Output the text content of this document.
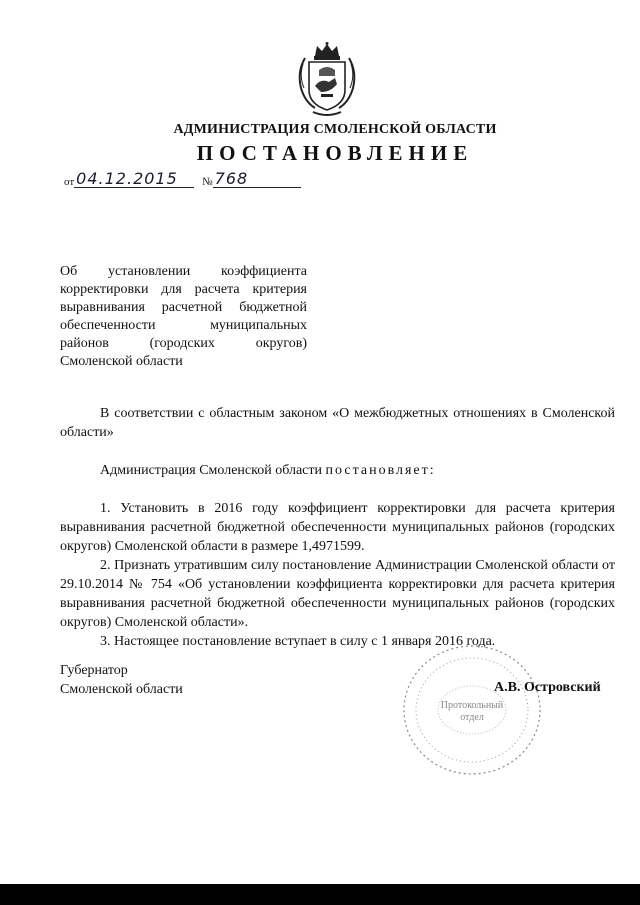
АДМИНИСТРАЦИЯ СМОЛЕНСКОЙ ОБЛАСТИ
ПОСТАНОВЛЕНИЕ
от 04.12.2015	№ 768
Об установлении коэффициента корректировки для расчета критерия выравнивания расчетной бюджетной обеспеченности муниципальных районов (городских округов) Смоленской области

В соответствии с областным законом «О межбюджетных отношениях в Смоленской области»

Администрация Смоленской области постановляет:

1. Установить в 2016 году коэффициент корректировки для расчета критерия выравнивания расчетной бюджетной обеспеченности муниципальных районов (городских округов) Смоленской области в размере 1,4971599.

2. Признать утратившим силу постановление Администрации Смоленской области от 29.10.2014 № 754 «Об установлении коэффициента корректировки для расчета критерия выравнивания расчетной бюджетной обеспеченности муниципальных районов (городских округов) Смоленской области».

3. Настоящее постановление вступает в силу с 1 января 2016 года.

Губернатор
Смоленской области
Протокольный
отдел
А.В. Островский
